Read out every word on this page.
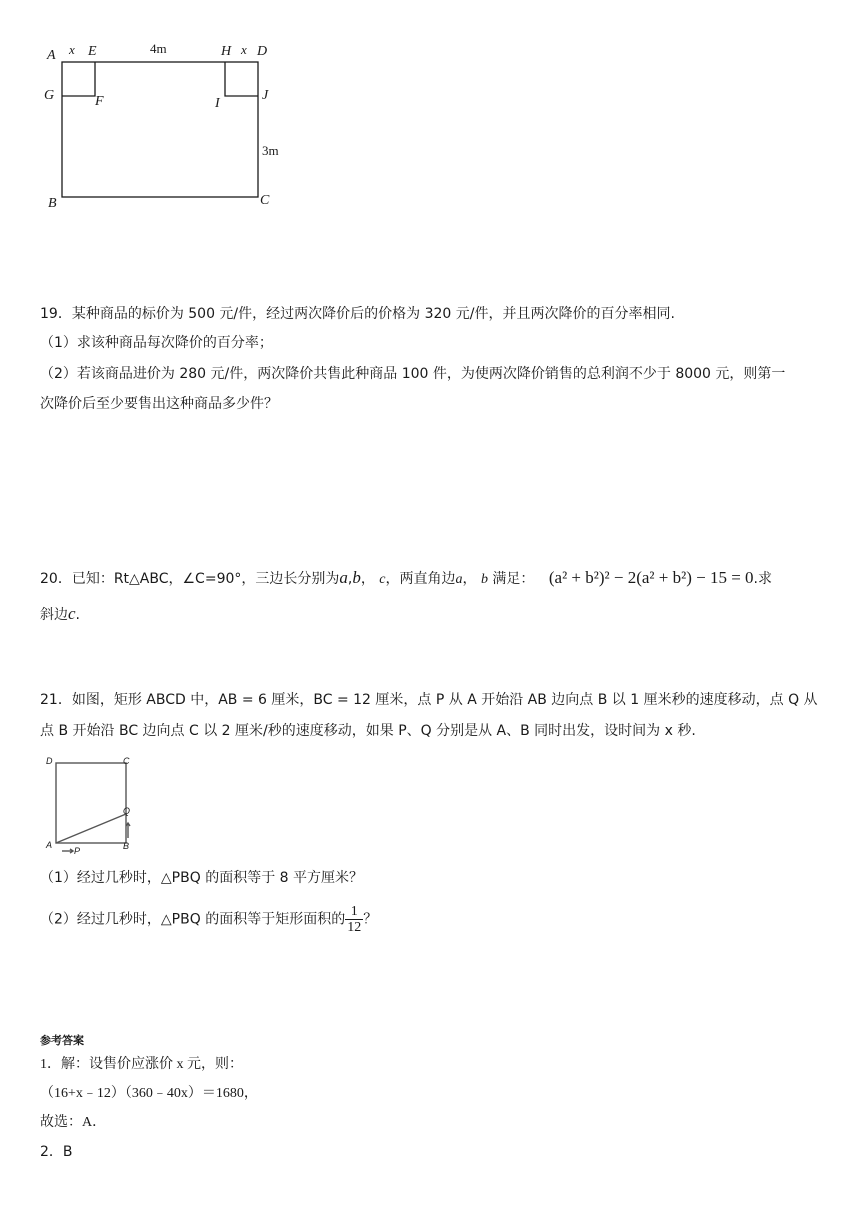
A x E	4m	H x D
G	F	I
J
3m
B	C
19．某种商品的标价为 500 元/件，经过两次降价后的价格为 320 元/件，并且两次降价的百分率相同.
（1）求该种商品每次降价的百分率；
（2）若该商品进价为 280 元/件，两次降价共售此种商品 100 件，为使两次降价销售的总利润不少于 8000 元，则第一
次降价后至少要售出这种商品多少件？
20．已知：Rt△ABC，∠C=90°，三边长分别为a,b， c，两直角边a， b 满足： (a² + b²)² − 2(a² + b²) − 15 = 0.求
斜边c.
21．如图，矩形 ABCD 中，AB = 6 厘米，BC = 12 厘米，点 P 从 A 开始沿 AB 边向点 B 以 1 厘米秒的速度移动，点 Q 从
点 B 开始沿 BC 边向点 C 以 2 厘米/秒的速度移动，如果 P、Q 分别是从 A、B 同时出发，设时间为 x 秒.
D	C
Q
A
P	B
（1）经过几秒时，△PBQ 的面积等于 8 平方厘米？
（2）经过几秒时，△PBQ 的面积等于矩形面积的 $\frac{1}{12}$ ？
参考答案
1．解：设售价应涨价 x 元，则：
（16+x﹣12）（360﹣40x）＝1680，
故选：A．
2．B
